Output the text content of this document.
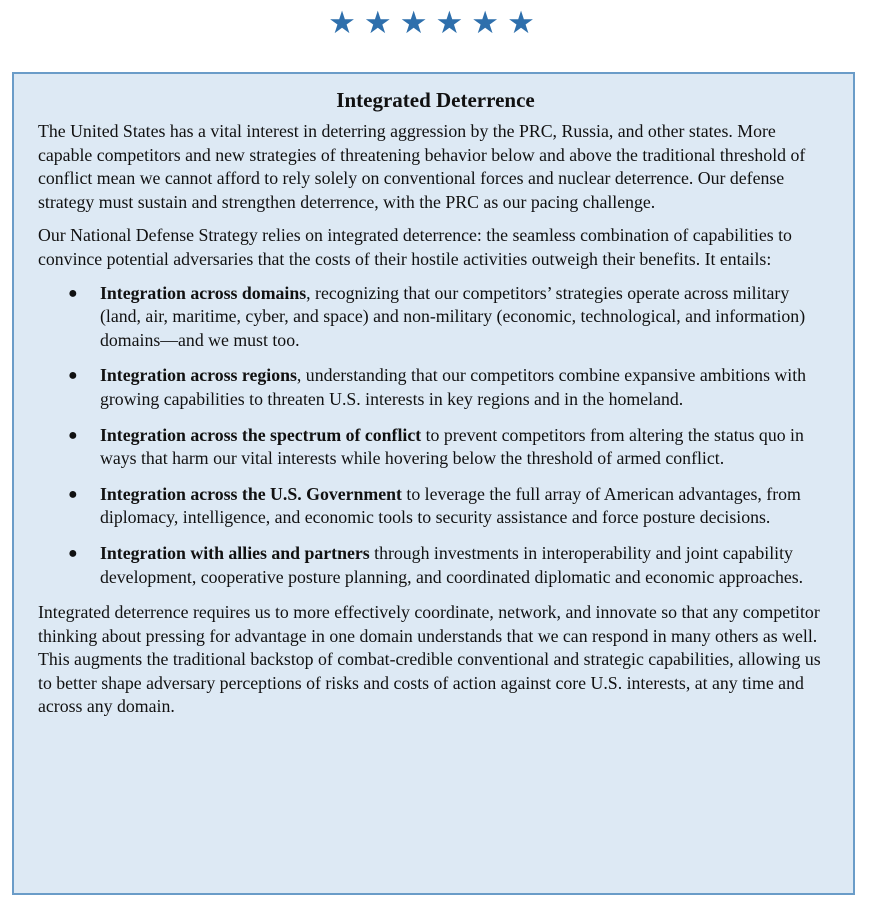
★★★★★★
Integrated Deterrence

The United States has a vital interest in deterring aggression by the PRC, Russia, and other states. More capable competitors and new strategies of threatening behavior below and above the traditional threshold of conflict mean we cannot afford to rely solely on conventional forces and nuclear deterrence. Our defense strategy must sustain and strengthen deterrence, with the PRC as our pacing challenge.

Our National Defense Strategy relies on integrated deterrence: the seamless combination of capabilities to convince potential adversaries that the costs of their hostile activities outweigh their benefits. It entails:

● Integration across domains, recognizing that our competitors’ strategies operate across military (land, air, maritime, cyber, and space) and non-military (economic, technological, and information) domains—and we must too.
● Integration across regions, understanding that our competitors combine expansive ambitions with growing capabilities to threaten U.S. interests in key regions and in the homeland.
● Integration across the spectrum of conflict to prevent competitors from altering the status quo in ways that harm our vital interests while hovering below the threshold of armed conflict.
● Integration across the U.S. Government to leverage the full array of American advantages, from diplomacy, intelligence, and economic tools to security assistance and force posture decisions.
● Integration with allies and partners through investments in interoperability and joint capability development, cooperative posture planning, and coordinated diplomatic and economic approaches.

Integrated deterrence requires us to more effectively coordinate, network, and innovate so that any competitor thinking about pressing for advantage in one domain understands that we can respond in many others as well. This augments the traditional backstop of combat-credible conventional and strategic capabilities, allowing us to better shape adversary perceptions of risks and costs of action against core U.S. interests, at any time and across any domain.
